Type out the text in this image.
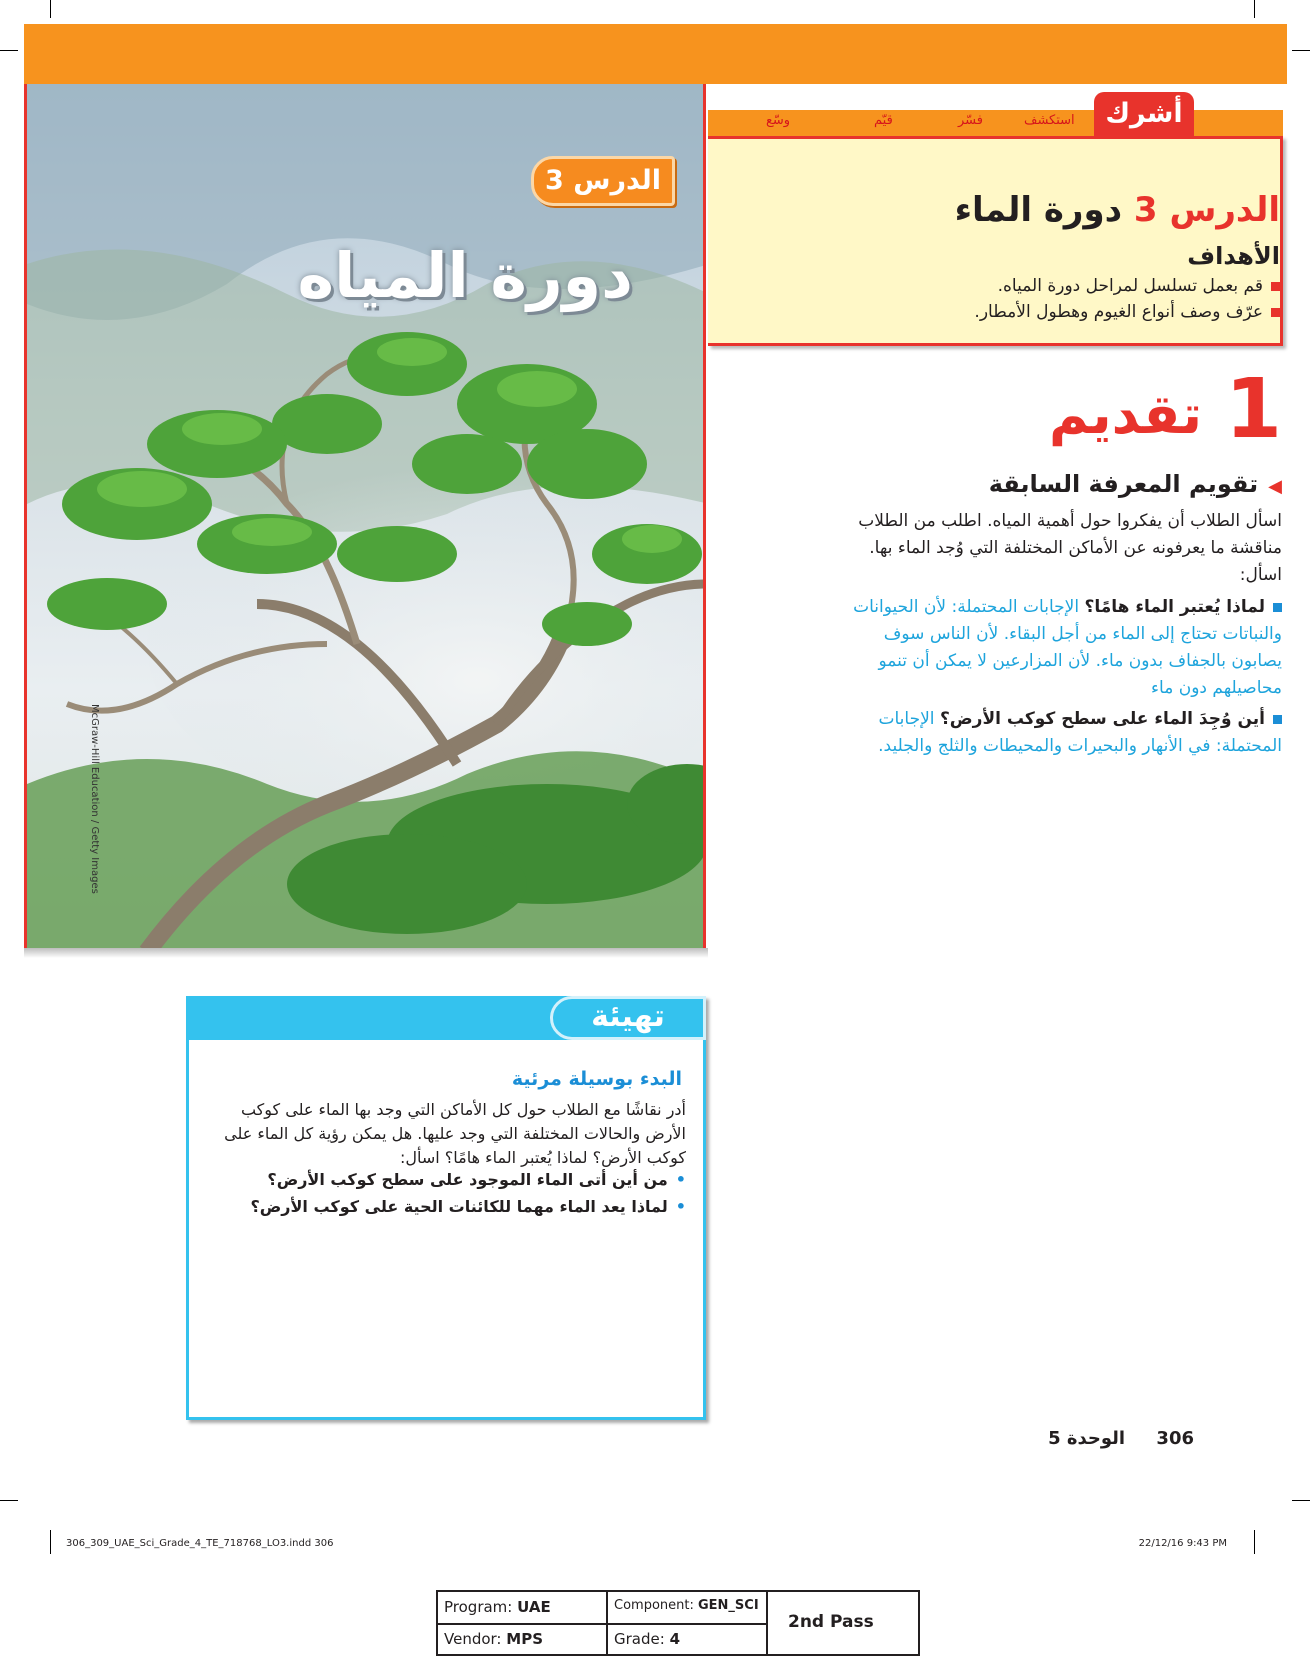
الدرس 3
دورة المياه
McGraw-Hill Education / Getty Images
أشرك
استكشف
فسّر
قيّم
وسّع
الدرس 3 دورة الماء
الأهداف
قم بعمل تسلسل لمراحل دورة المياه.
عرّف وصف أنواع الغيوم وهطول الأمطار.
1
تقديم
◀تقويم المعرفة السابقة
اسأل الطلاب أن يفكروا حول أهمية المياه. اطلب من الطلاب مناقشة ما يعرفونه عن الأماكن المختلفة التي وُجد الماء بها. اسأل:
لماذا يُعتبر الماء هامًا؟ الإجابات المحتملة: لأن الحيوانات والنباتات تحتاج إلى الماء من أجل البقاء. لأن الناس سوف يصابون بالجفاف بدون ماء. لأن المزارعين لا يمكن أن تنمو محاصيلهم دون ماء
أين وُجِدَ الماء على سطح كوكب الأرض؟ الإجابات المحتملة: في الأنهار والبحيرات والمحيطات والثلج والجليد.
تهيئة
البدء بوسيلة مرئية
أدر نقاشًا مع الطلاب حول كل الأماكن التي وجد بها الماء على كوكب الأرض والحالات المختلفة التي وجد عليها. هل يمكن رؤية كل الماء على كوكب الأرض؟ لماذا يُعتبر الماء هامًا؟ اسأل:
•من أين أتى الماء الموجود على سطح كوكب الأرض؟
•لماذا يعد الماء مهما للكائنات الحية على كوكب الأرض؟
306     الوحدة 5
306_309_UAE_Sci_Grade_4_TE_718768_LO3.indd 306	22/12/16 9:43 PM
Program: UAE	Component: GEN_SCI
Vendor: MPS	Grade: 4
2nd Pass
